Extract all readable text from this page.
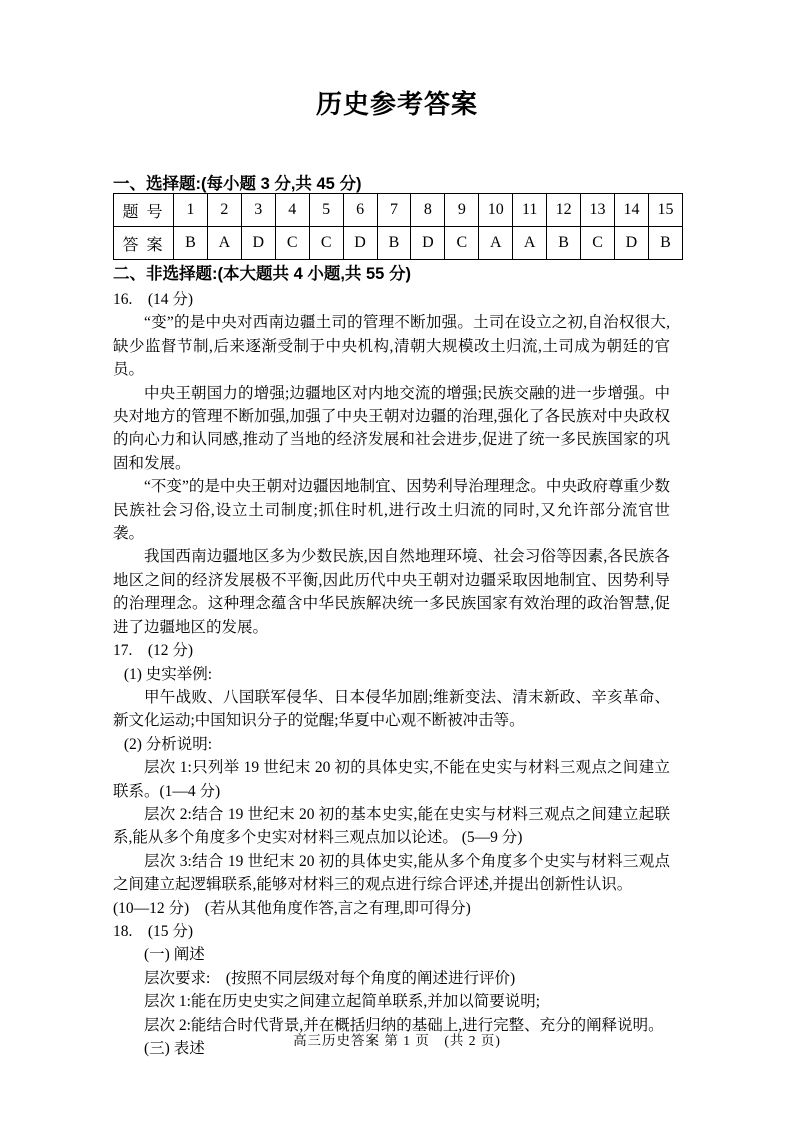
历史参考答案
一、选择题:(每小题 3 分,共 45 分)
题 号	1	2	3	4	5	6	7	8	9	10	11	12	13	14	15
答 案	B	A	D	C	C	D	B	D	C	A	A	B	C	D	B
二、非选择题:(本大题共 4 小题,共 55 分)

16.　(14 分)

“变”的是中央对西南边疆土司的管理不断加强。土司在设立之初,自治权很大,缺少监督节制,后来逐渐受制于中央机构,清朝大规模改土归流,土司成为朝廷的官员。

中央王朝国力的增强;边疆地区对内地交流的增强;民族交融的进一步增强。中央对地方的管理不断加强,加强了中央王朝对边疆的治理,强化了各民族对中央政权的向心力和认同感,推动了当地的经济发展和社会进步,促进了统一多民族国家的巩固和发展。

“不变”的是中央王朝对边疆因地制宜、因势利导治理理念。中央政府尊重少数民族社会习俗,设立土司制度;抓住时机,进行改土归流的同时,又允许部分流官世袭。

我国西南边疆地区多为少数民族,因自然地理环境、社会习俗等因素,各民族各地区之间的经济发展极不平衡,因此历代中央王朝对边疆采取因地制宜、因势利导的治理理念。这种理念蕴含中华民族解决统一多民族国家有效治理的政治智慧,促进了边疆地区的发展。

17.　(12 分)

(1) 史实举例:

甲午战败、八国联军侵华、日本侵华加剧;维新变法、清末新政、辛亥革命、新文化运动;中国知识分子的觉醒;华夏中心观不断被冲击等。

(2) 分析说明:

层次 1:只列举 19 世纪末 20 初的具体史实,不能在史实与材料三观点之间建立联系。(1—4 分)

层次 2:结合 19 世纪末 20 初的基本史实,能在史实与材料三观点之间建立起联系,能从多个角度多个史实对材料三观点加以论述。 (5—9 分)

层次 3:结合 19 世纪末 20 初的具体史实,能从多个角度多个史实与材料三观点之间建立起逻辑联系,能够对材料三的观点进行综合评述,并提出创新性认识。

(10—12 分)　(若从其他角度作答,言之有理,即可得分)

18.　(15 分)

(一) 阐述

层次要求:　(按照不同层级对每个角度的阐述进行评价)

层次 1:能在历史史实之间建立起简单联系,并加以简要说明;

层次 2:能结合时代背景,并在概括归纳的基础上,进行完整、充分的阐释说明。

(三) 表述	高三历史答案 第 1 页　(共 2 页)
